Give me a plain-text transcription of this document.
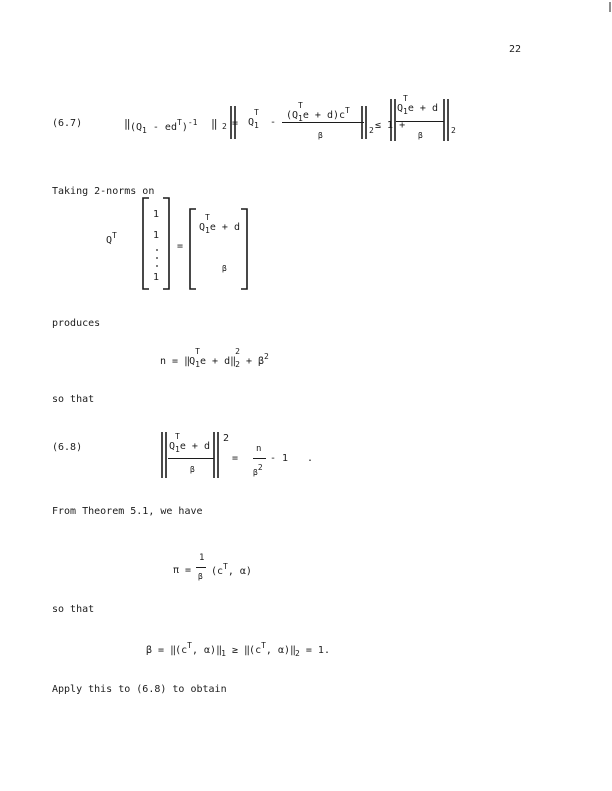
22
(6.7)	$(Q_1 - ed^T)^{-1}$
‖	‖ 2 = Q
T
$_1$ -
(Q
T
$_1e + d)c^T$
β
2 ≤ 1 +
Q
T
$_1$e + d
β
2
Taking 2-norms on
$Q^T$
1
1
1
=
Q
T
$_1$e + d
β
produces
n = ‖Q
T
$_1$e + d‖
2
$_2 + \beta^2$
so that
(6.8)	Q
T
$_1$e + d
β
2
=
n
β2
- 1 .
From Theorem 5.1, we have
π =
1
β ($c^T$, α)
so that
$\beta = ‖(c^T$, $\alpha)‖_1$ ≥ $‖(c^T$, $\alpha)‖_2 = 1$.
Apply this to (6.8) to obtain
